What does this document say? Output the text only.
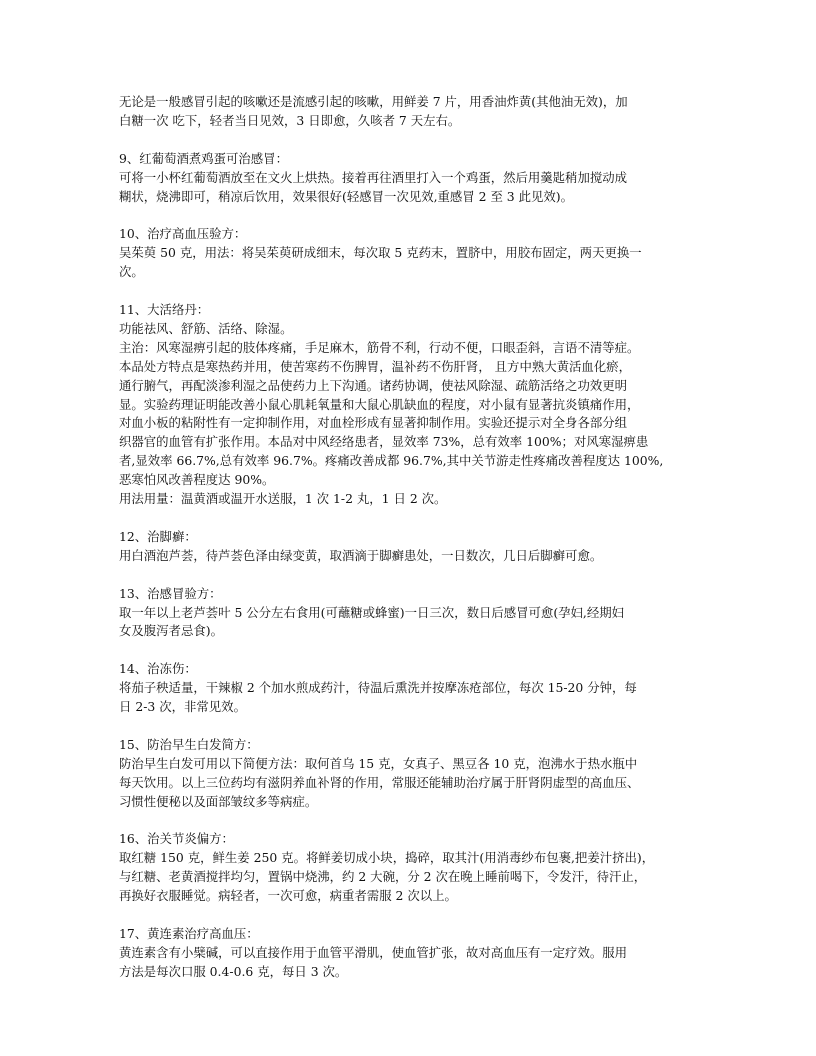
无论是一般感冒引起的咳嗽还是流感引起的咳嗽，用鲜姜 7 片，用香油炸黄(其他油无效)，加
白糖一次 吃下，轻者当日见效，3 日即愈，久咳者 7 天左右。
9、红葡萄酒煮鸡蛋可治感冒：
可将一小杯红葡萄酒放至在文火上烘热。接着再往酒里打入一个鸡蛋，然后用羹匙稍加搅动成
糊状，烧沸即可，稍凉后饮用，效果很好(轻感冒一次见效,重感冒 2 至 3 此见效)。
10、治疗高血压验方：
吴茱萸 50 克，用法：将吴茱萸研成细末，每次取 5 克药末，置脐中，用胶布固定，两天更换一
次。
11、大活络丹：
功能祛风、舒筋、活络、除湿。
主治：风寒湿痹引起的肢体疼痛，手足麻木，筋骨不利，行动不便，口眼歪斜，言语不清等症。
本品处方特点是寒热药并用，使苦寒药不伤脾胃，温补药不伤肝肾， 且方中熟大黄活血化瘀，
通行腑气，再配淡渗利湿之品使药力上下沟通。诸药协调，使祛风除湿、疏筋活络之功效更明
显。实验药理证明能改善小鼠心肌耗氧量和大鼠心肌缺血的程度，对小鼠有显著抗炎镇痛作用，
对血小板的粘附性有一定抑制作用，对血栓形成有显著抑制作用。实验还提示对全身各部分组
织器官的血管有扩张作用。本品对中风经络患者，显效率 73%，总有效率 100%；对风寒湿痹患
者,显效率 66.7%,总有效率 96.7%。疼痛改善成都 96.7%,其中关节游走性疼痛改善程度达 100%,
恶寒怕风改善程度达 90%。
用法用量：温黄酒或温开水送服，1 次 1-2 丸，1 日 2 次。
12、治脚癣：
用白酒泡芦荟，待芦荟色泽由绿变黄，取酒滴于脚癣患处，一日数次，几日后脚癣可愈。
13、治感冒验方：
取一年以上老芦荟叶 5 公分左右食用(可蘸糖或蜂蜜)一日三次，数日后感冒可愈(孕妇,经期妇
女及腹泻者忌食)。
14、治冻伤：
将茄子秧适量，干辣椒 2 个加水煎成药汁，待温后熏洗并按摩冻疮部位，每次 15-20 分钟，每
日 2-3 次，非常见效。
15、防治早生白发简方：
防治早生白发可用以下简便方法：取何首乌 15 克，女真子、黑豆各 10 克，泡沸水于热水瓶中
每天饮用。以上三位药均有滋阴养血补肾的作用，常服还能辅助治疗属于肝肾阴虚型的高血压、
习惯性便秘以及面部皱纹多等病症。
16、治关节炎偏方：
取红糖 150 克，鲜生姜 250 克。将鲜姜切成小块，捣碎，取其汁(用消毒纱布包裹,把姜汁挤出)，
与红糖、老黄酒搅拌均匀，置锅中烧沸，约 2 大碗，分 2 次在晚上睡前喝下，令发汗，待汗止，
再换好衣服睡觉。病轻者，一次可愈，病重者需服 2 次以上。
17、黄连素治疗高血压：
黄连素含有小檗碱，可以直接作用于血管平滑肌，使血管扩张，故对高血压有一定疗效。服用
方法是每次口服 0.4-0.6 克，每日 3 次。
